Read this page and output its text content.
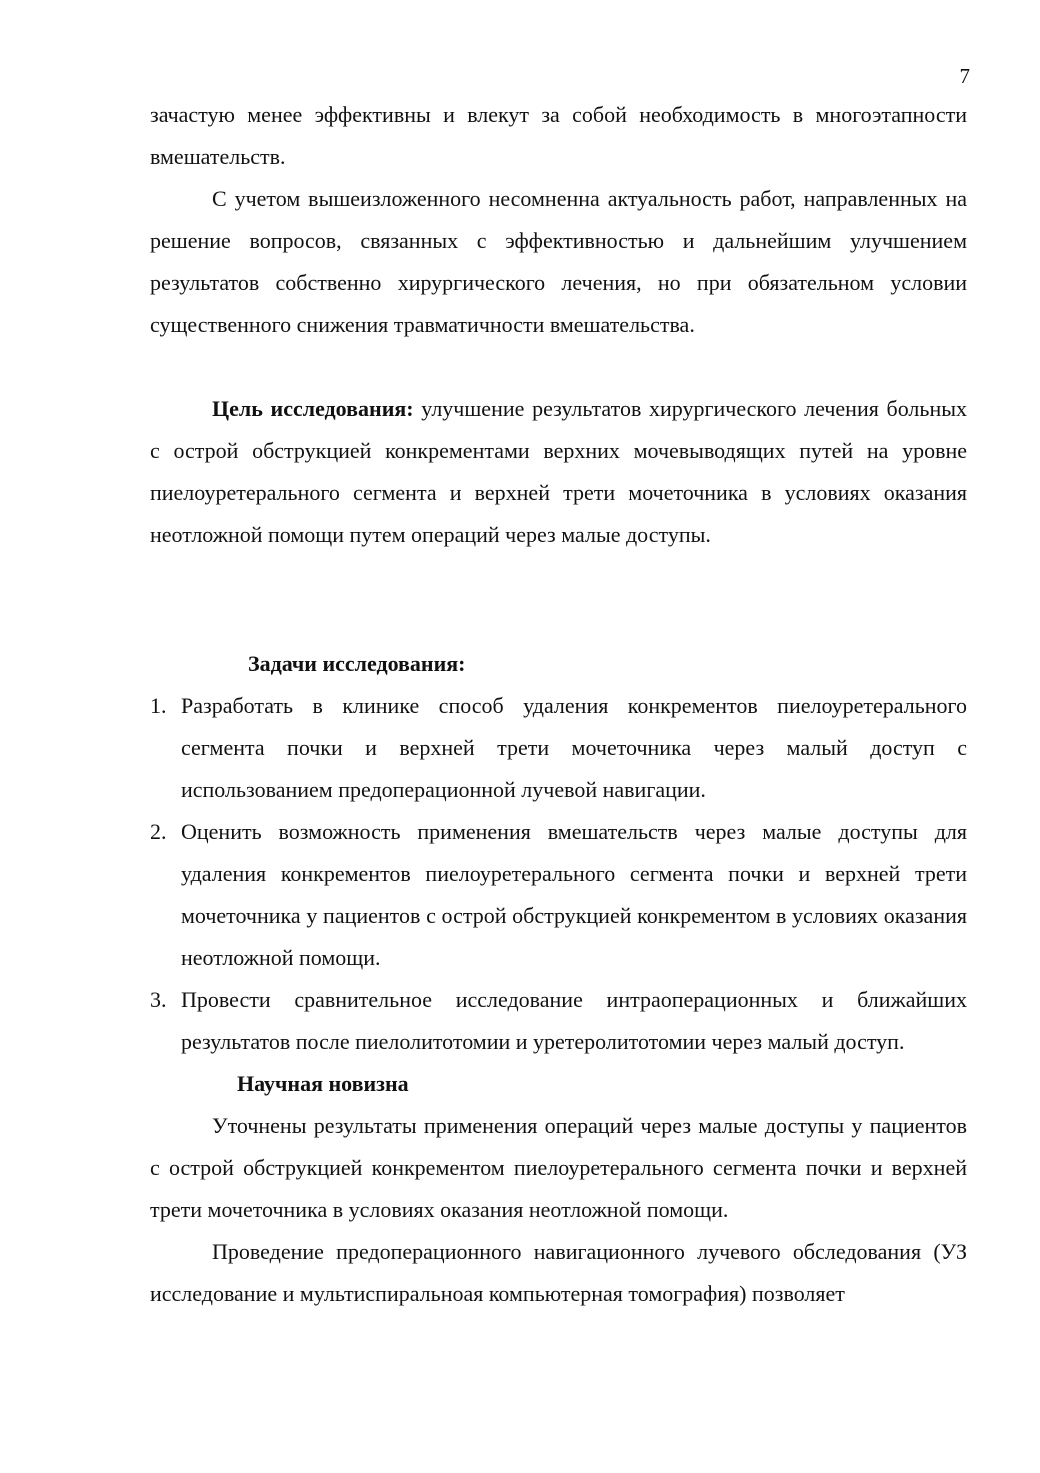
7

зачастую менее эффективны и влекут за собой необходимость в многоэтапности вмешательств.

С учетом вышеизложенного несомненна актуальность работ, направленных на решение вопросов, связанных с эффективностью и дальнейшим улучшением результатов собственно хирургического лечения, но при обязательном условии существенного снижения травматичности вмешательства.

Цель исследования: улучшение результатов хирургического лечения больных с острой обструкцией конкрементами верхних мочевыводящих путей на уровне пиелоуретерального сегмента и верхней трети мочеточника в условиях оказания неотложной помощи путем операций через малые доступы.

Задачи исследования:

1. Разработать в клинике способ удаления конкрементов пиелоуретерального сегмента почки и верхней трети мочеточника через малый доступ с использованием предоперационной лучевой навигации.
2. Оценить возможность применения вмешательств через малые доступы для удаления конкрементов пиелоуретерального сегмента почки и верхней трети мочеточника у пациентов с острой обструкцией конкрементом в условиях оказания неотложной помощи.
3. Провести сравнительное исследование интраоперационных и ближайших результатов после пиелолитотомии и уретеролитотомии через малый доступ.

Научная новизна

Уточнены результаты применения операций через малые доступы у пациентов с острой обструкцией конкрементом пиелоуретерального сегмента почки и верхней трети мочеточника в условиях оказания неотложной помощи.

Проведение предоперационного навигационного лучевого обследования (УЗ исследование и мультиспиральноая компьютерная томография) позволяет
